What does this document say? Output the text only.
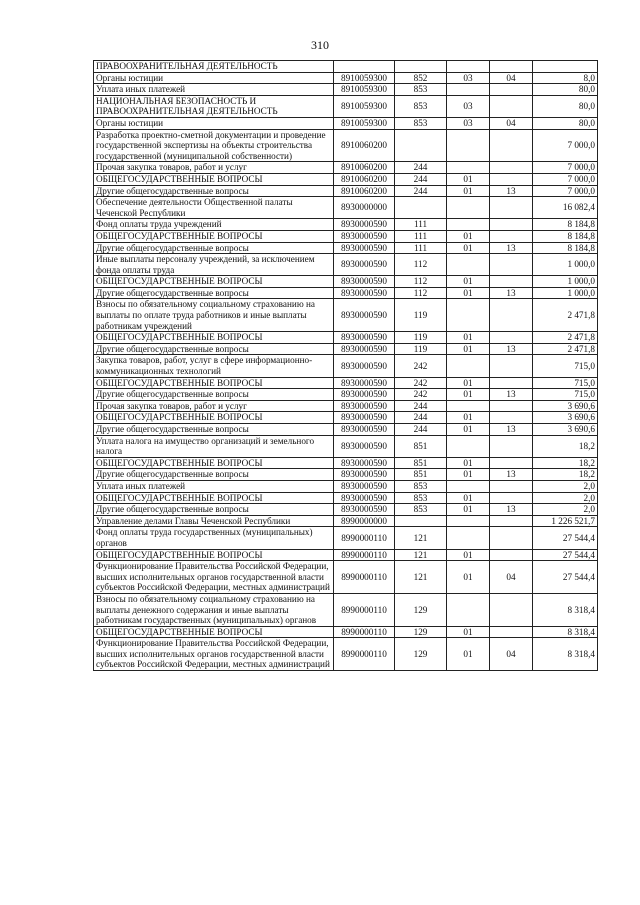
310
ПРАВООХРАНИТЕЛЬНАЯ ДЕЯТЕЛЬНОСТЬ					
Органы юстиции	8910059300	852	03	04	8,0
Уплата иных платежей	8910059300	853			80,0
НАЦИОНАЛЬНАЯ БЕЗОПАСНОСТЬ И ПРАВООХРАНИТЕЛЬНАЯ ДЕЯТЕЛЬНОСТЬ	8910059300	853	03		80,0
Органы юстиции	8910059300	853	03	04	80,0
Разработка проектно-сметной документации и проведение государственной экспертизы на объекты строительства государственной (муниципальной собственности)	8910060200				7 000,0
Прочая закупка товаров, работ и услуг	8910060200	244			7 000,0
ОБЩЕГОСУДАРСТВЕННЫЕ ВОПРОСЫ	8910060200	244	01		7 000,0
Другие общегосударственные вопросы	8910060200	244	01	13	7 000,0
Обеспечение деятельности Общественной палаты Чеченской Республики	8930000000				16 082,4
Фонд оплаты труда учреждений	8930000590	111			8 184,8
ОБЩЕГОСУДАРСТВЕННЫЕ ВОПРОСЫ	8930000590	111	01		8 184,8
Другие общегосударственные вопросы	8930000590	111	01	13	8 184,8
Иные выплаты персоналу учреждений, за исключением фонда оплаты труда	8930000590	112			1 000,0
ОБЩЕГОСУДАРСТВЕННЫЕ ВОПРОСЫ	8930000590	112	01		1 000,0
Другие общегосударственные вопросы	8930000590	112	01	13	1 000,0
Взносы по обязательному социальному страхованию на выплаты по оплате труда работников и иные выплаты работникам учреждений	8930000590	119			2 471,8
ОБЩЕГОСУДАРСТВЕННЫЕ ВОПРОСЫ	8930000590	119	01		2 471,8
Другие общегосударственные вопросы	8930000590	119	01	13	2 471,8
Закупка товаров, работ, услуг в сфере информационно-коммуникационных технологий	8930000590	242			715,0
ОБЩЕГОСУДАРСТВЕННЫЕ ВОПРОСЫ	8930000590	242	01		715,0
Другие общегосударственные вопросы	8930000590	242	01	13	715,0
Прочая закупка товаров, работ и услуг	8930000590	244			3 690,6
ОБЩЕГОСУДАРСТВЕННЫЕ ВОПРОСЫ	8930000590	244	01		3 690,6
Другие общегосударственные вопросы	8930000590	244	01	13	3 690,6
Уплата налога на имущество организаций и земельного налога	8930000590	851			18,2
ОБЩЕГОСУДАРСТВЕННЫЕ ВОПРОСЫ	8930000590	851	01		18,2
Другие общегосударственные вопросы	8930000590	851	01	13	18,2
Уплата иных платежей	8930000590	853			2,0
ОБЩЕГОСУДАРСТВЕННЫЕ ВОПРОСЫ	8930000590	853	01		2,0
Другие общегосударственные вопросы	8930000590	853	01	13	2,0
Управление делами Главы Чеченской Республики	8990000000				1 226 521,7
Фонд оплаты труда государственных (муниципальных) органов	8990000110	121			27 544,4
ОБЩЕГОСУДАРСТВЕННЫЕ ВОПРОСЫ	8990000110	121	01		27 544,4
Функционирование Правительства Российской Федерации, высших исполнительных органов государственной власти субъектов Российской Федерации, местных администраций	8990000110	121	01	04	27 544,4
Взносы по обязательному социальному страхованию на выплаты денежного содержания и иные выплаты работникам государственных (муниципальных) органов	8990000110	129			8 318,4
ОБЩЕГОСУДАРСТВЕННЫЕ ВОПРОСЫ	8990000110	129	01		8 318,4
Функционирование Правительства Российской Федерации, высших исполнительных органов государственной власти субъектов Российской Федерации, местных администраций	8990000110	129	01	04	8 318,4
